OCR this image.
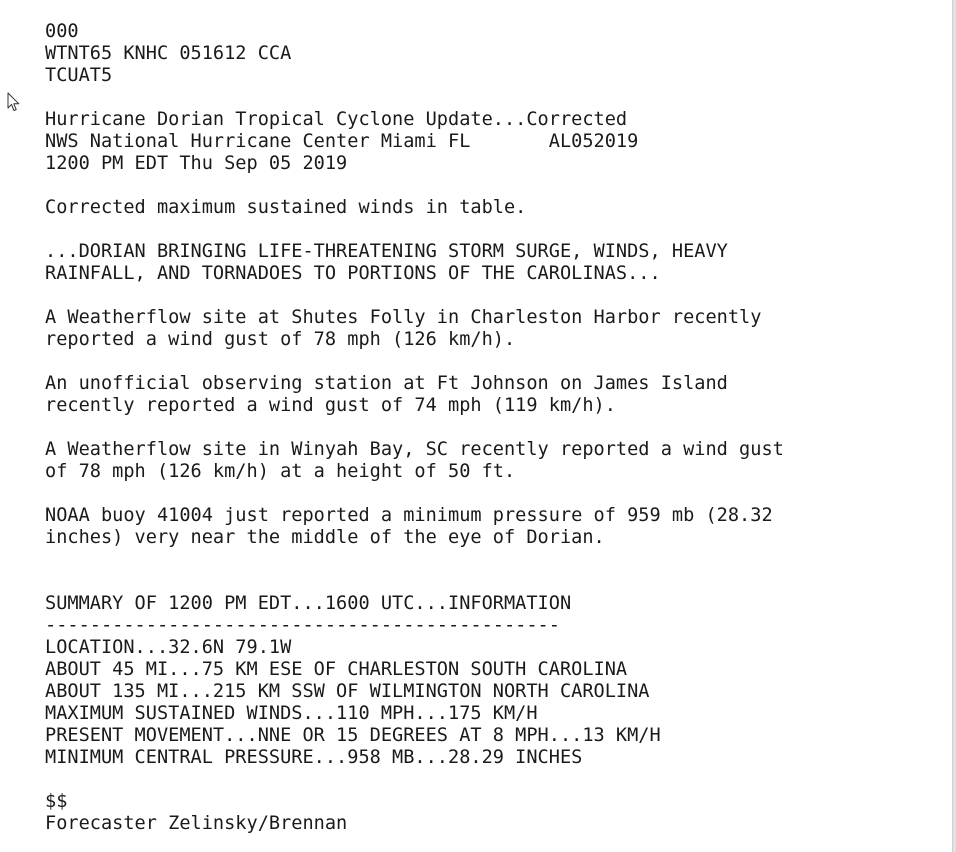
000
WTNT65 KNHC 051612 CCA
TCUAT5
Hurricane Dorian Tropical Cyclone Update...Corrected
NWS National Hurricane Center Miami FL       AL052019
1200 PM EDT Thu Sep 05 2019
Corrected maximum sustained winds in table.
...DORIAN BRINGING LIFE-THREATENING STORM SURGE, WINDS, HEAVY
RAINFALL, AND TORNADOES TO PORTIONS OF THE CAROLINAS...
A Weatherflow site at Shutes Folly in Charleston Harbor recently
reported a wind gust of 78 mph (126 km/h).
An unofficial observing station at Ft Johnson on James Island
recently reported a wind gust of 74 mph (119 km/h).
A Weatherflow site in Winyah Bay, SC recently reported a wind gust
of 78 mph (126 km/h) at a height of 50 ft.
NOAA buoy 41004 just reported a minimum pressure of 959 mb (28.32
inches) very near the middle of the eye of Dorian.
SUMMARY OF 1200 PM EDT...1600 UTC...INFORMATION
----------------------------------------------
LOCATION...32.6N 79.1W
ABOUT 45 MI...75 KM ESE OF CHARLESTON SOUTH CAROLINA
ABOUT 135 MI...215 KM SSW OF WILMINGTON NORTH CAROLINA
MAXIMUM SUSTAINED WINDS...110 MPH...175 KM/H
PRESENT MOVEMENT...NNE OR 15 DEGREES AT 8 MPH...13 KM/H
MINIMUM CENTRAL PRESSURE...958 MB...28.29 INCHES
$$
Forecaster Zelinsky/Brennan
